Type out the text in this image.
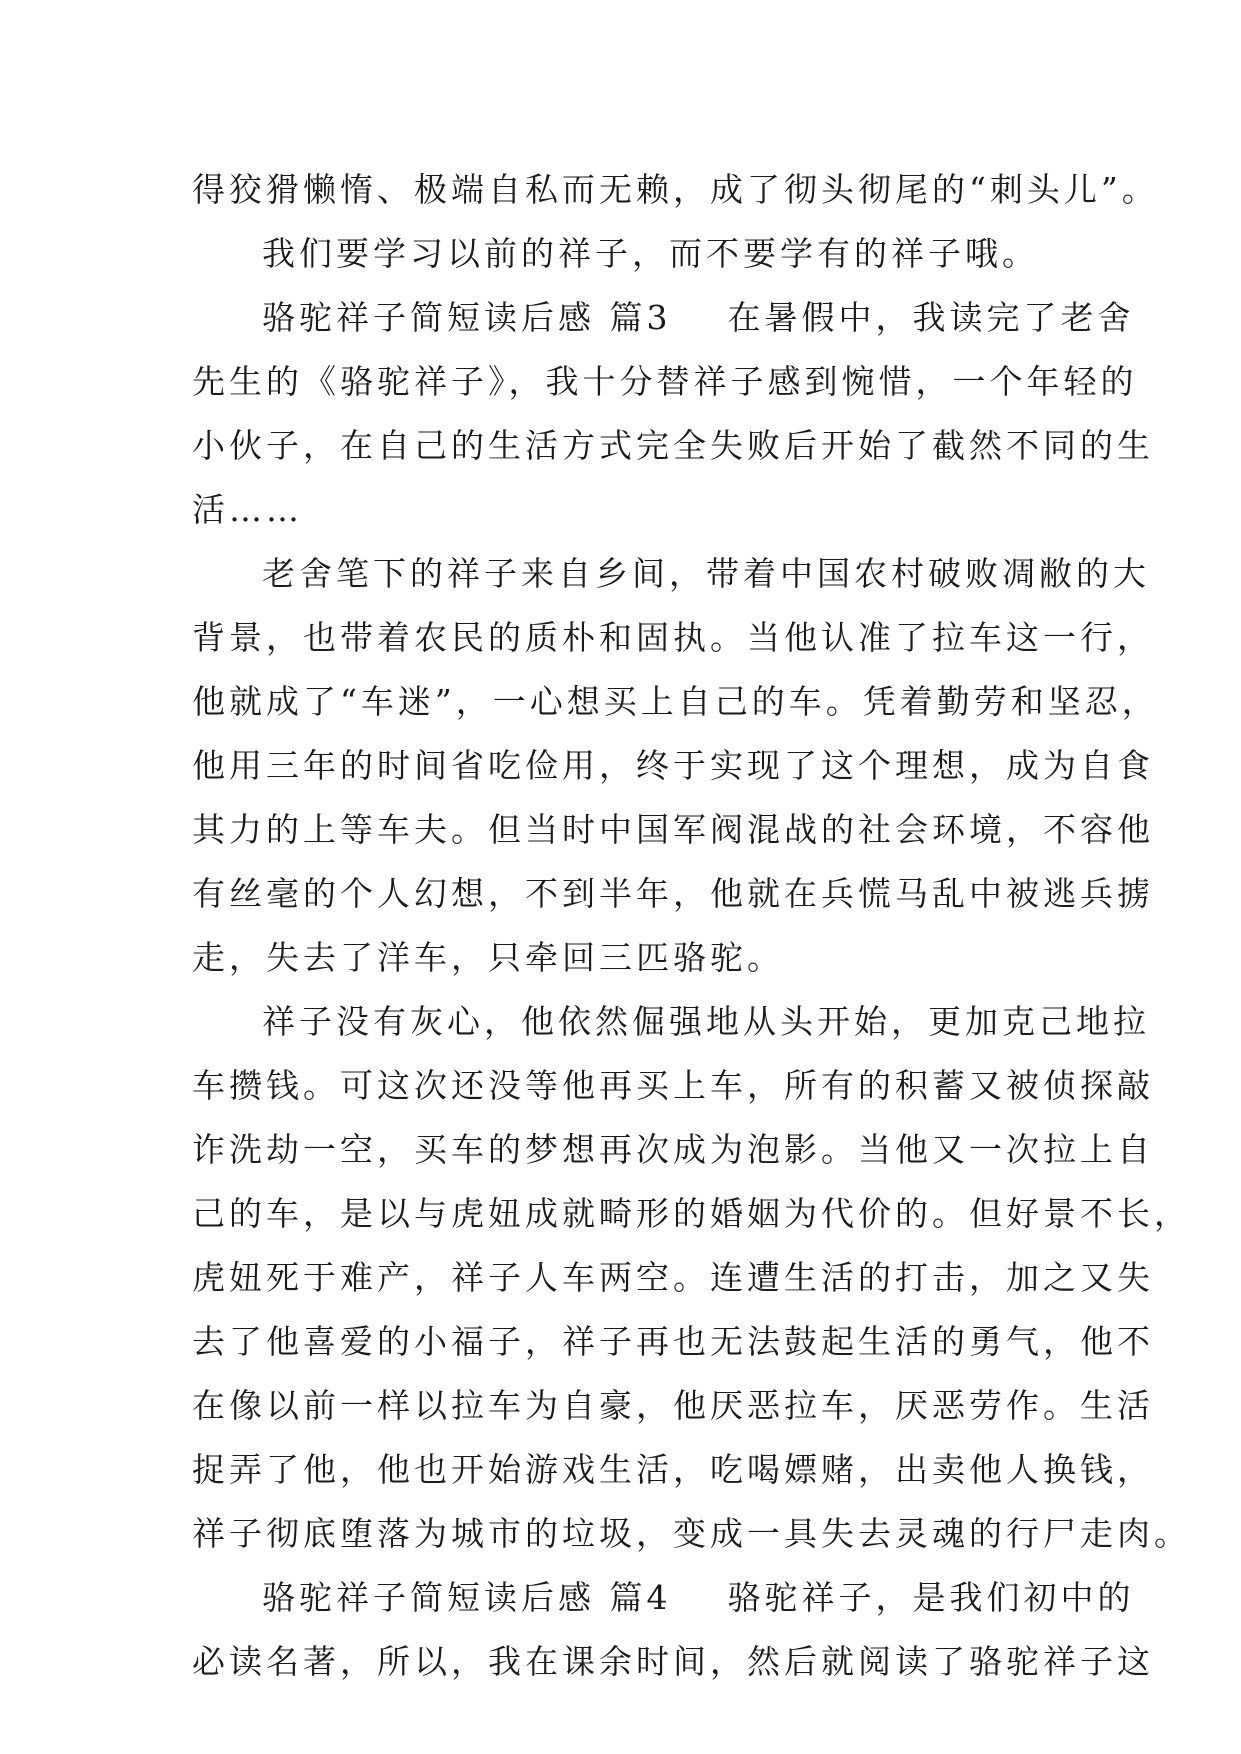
得狡猾懒惰、极端自私而无赖，成了彻头彻尾的“刺头儿”。
我们要学习以前的祥子，而不要学有的祥子哦。
骆驼祥子简短读后感 篇3 在暑假中，我读完了老舍
先生的《骆驼祥子》，我十分替祥子感到惋惜，一个年轻的
小伙子，在自己的生活方式完全失败后开始了截然不同的生
活……
老舍笔下的祥子来自乡间，带着中国农村破败凋敝的大
背景，也带着农民的质朴和固执。当他认准了拉车这一行，
他就成了“车迷”，一心想买上自己的车。凭着勤劳和坚忍，
他用三年的时间省吃俭用，终于实现了这个理想，成为自食
其力的上等车夫。但当时中国军阀混战的社会环境，不容他
有丝毫的个人幻想，不到半年，他就在兵慌马乱中被逃兵掳
走，失去了洋车，只牵回三匹骆驼。
祥子没有灰心，他依然倔强地从头开始，更加克己地拉
车攒钱。可这次还没等他再买上车，所有的积蓄又被侦探敲
诈洗劫一空，买车的梦想再次成为泡影。当他又一次拉上自
己的车，是以与虎妞成就畸形的婚姻为代价的。但好景不长，
虎妞死于难产，祥子人车两空。连遭生活的打击，加之又失
去了他喜爱的小福子，祥子再也无法鼓起生活的勇气，他不
在像以前一样以拉车为自豪，他厌恶拉车，厌恶劳作。生活
捉弄了他，他也开始游戏生活，吃喝嫖赌，出卖他人换钱，
祥子彻底堕落为城市的垃圾，变成一具失去灵魂的行尸走肉。
骆驼祥子简短读后感 篇4 骆驼祥子，是我们初中的
必读名著，所以，我在课余时间，然后就阅读了骆驼祥子这
